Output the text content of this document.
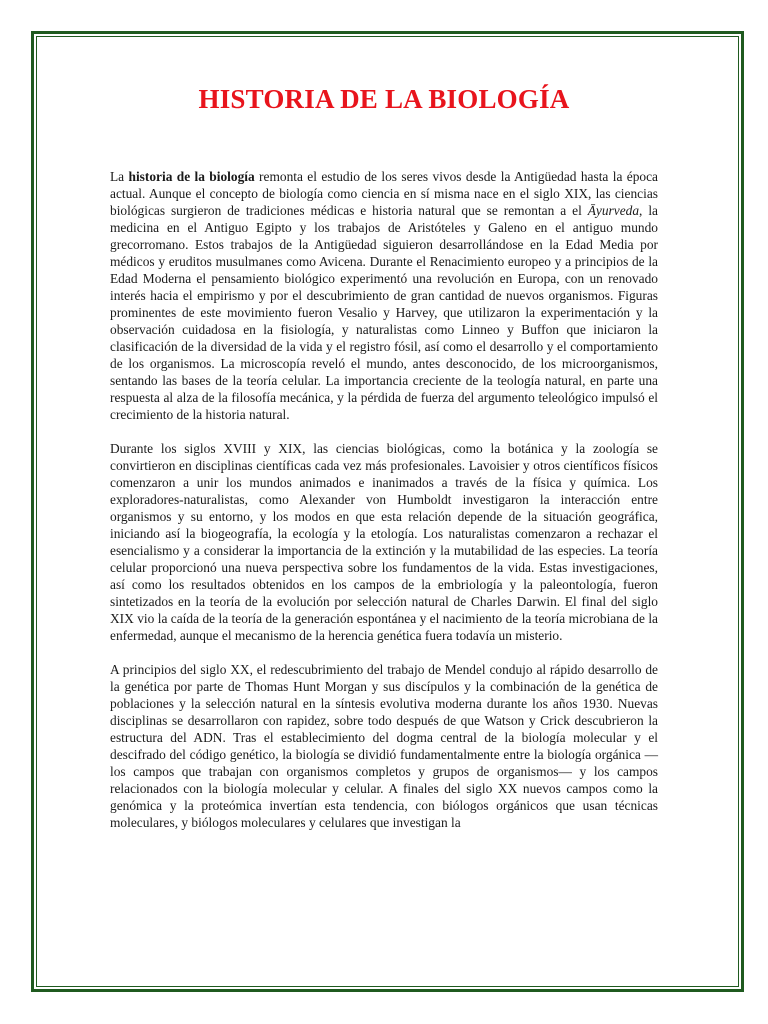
HISTORIA DE LA BIOLOGÍA

La historia de la biología remonta el estudio de los seres vivos desde la Antigüedad hasta la época actual. Aunque el concepto de biología como ciencia en sí misma nace en el siglo XIX, las ciencias biológicas surgieron de tradiciones médicas e historia natural que se remontan a el Āyurveda, la medicina en el Antiguo Egipto y los trabajos de Aristóteles y Galeno en el antiguo mundo grecorromano. Estos trabajos de la Antigüedad siguieron desarrollándose en la Edad Media por médicos y eruditos musulmanes como Avicena. Durante el Renacimiento europeo y a principios de la Edad Moderna el pensamiento biológico experimentó una revolución en Europa, con un renovado interés hacia el empirismo y por el descubrimiento de gran cantidad de nuevos organismos. Figuras prominentes de este movimiento fueron Vesalio y Harvey, que utilizaron la experimentación y la observación cuidadosa en la fisiología, y naturalistas como Linneo y Buffon que iniciaron la clasificación de la diversidad de la vida y el registro fósil, así como el desarrollo y el comportamiento de los organismos. La microscopía reveló el mundo, antes desconocido, de los microorganismos, sentando las bases de la teoría celular. La importancia creciente de la teología natural, en parte una respuesta al alza de la filosofía mecánica, y la pérdida de fuerza del argumento teleológico impulsó el crecimiento de la historia natural.

Durante los siglos XVIII y XIX, las ciencias biológicas, como la botánica y la zoología se convirtieron en disciplinas científicas cada vez más profesionales. Lavoisier y otros científicos físicos comenzaron a unir los mundos animados e inanimados a través de la física y química. Los exploradores-naturalistas, como Alexander von Humboldt investigaron la interacción entre organismos y su entorno, y los modos en que esta relación depende de la situación geográfica, iniciando así la biogeografía, la ecología y la etología. Los naturalistas comenzaron a rechazar el esencialismo y a considerar la importancia de la extinción y la mutabilidad de las especies. La teoría celular proporcionó una nueva perspectiva sobre los fundamentos de la vida. Estas investigaciones, así como los resultados obtenidos en los campos de la embriología y la paleontología, fueron sintetizados en la teoría de la evolución por selección natural de Charles Darwin. El final del siglo XIX vio la caída de la teoría de la generación espontánea y el nacimiento de la teoría microbiana de la enfermedad, aunque el mecanismo de la herencia genética fuera todavía un misterio.

A principios del siglo XX, el redescubrimiento del trabajo de Mendel condujo al rápido desarrollo de la genética por parte de Thomas Hunt Morgan y sus discípulos y la combinación de la genética de poblaciones y la selección natural en la síntesis evolutiva moderna durante los años 1930. Nuevas disciplinas se desarrollaron con rapidez, sobre todo después de que Watson y Crick descubrieron la estructura del ADN. Tras el establecimiento del dogma central de la biología molecular y el descifrado del código genético, la biología se dividió fundamentalmente entre la biología orgánica —los campos que trabajan con organismos completos y grupos de organismos— y los campos relacionados con la biología molecular y celular. A finales del siglo XX nuevos campos como la genómica y la proteómica invertían esta tendencia, con biólogos orgánicos que usan técnicas moleculares, y biólogos moleculares y celulares que investigan la
